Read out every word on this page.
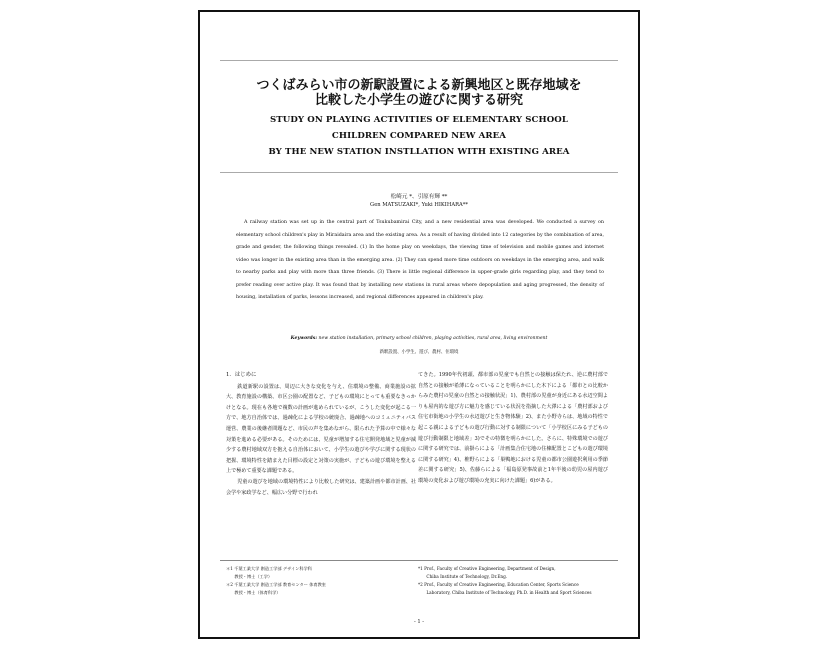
つくばみらい市の新駅設置による新興地区と既存地域を
比較した小学生の遊びに関する研究
STUDY ON PLAYING ACTIVITIES OF ELEMENTARY SCHOOL
CHILDREN COMPARED NEW AREA
BY THE NEW STATION INSTLLATION WITH EXISTING AREA
松崎元 *、引原有輝 **
Gen MATSUZAKI*, Yuki HIKIHARA**
A railway station was set up in the central part of Tsukubamirai City, and a new residential area was developed. We conducted a survey on elementary school children's play in Miraidaira area and the existing area. As a result of having divided into 12 categories by the combination of area, grade and gender, the following things revealed. (1) In the home play on weekdays, the viewing time of television and mobile games and internet video was longer in the existing area than in the emerging area. (2) They can spend more time outdoors on weekdays in the emerging area, and walk to nearby parks and play with more than three friends. (3) There is little regional difference in upper-grade girls regarding play, and they tend to prefer reading over active play. It was found that by installing new stations in rural areas where depopulation and aging progressed, the density of housing, installation of parks, lessons increased, and regional differences appeared in children's play.
Keywords: new station installation, primary school children, playing activities, rural area, living environment
新駅設置、小学生、遊び、農村、住環境
1．はじめに
　鉄道新駅の設置は、周辺に大きな変化を与え、住環境の整備、商業施設の拡大、教育施設の構築、市区公園の配置など、子どもの環境にとっても重要なきっかけとなる。現在も各地で複数の計画が進められているが、こうした変化が起こる一方で、地方自治体では、過疎化による学校の統廃合、過疎地へのコミュニティバス運営、農業の後継者問題など、市民の声を集めながら、限られた予算の中で様々な対策を進める必要がある。そのためには、児童が増加する住宅開発地域と児童が減少する農村地域双方を抱える自治体において、小学生の遊びや学びに関する現状の把握、環境特性を踏まえた目標の設定と対策の実施が、子どもの遊び環境を整える上で極めて重要な課題である。
　児童の遊びを地域の環境特性により比較した研究は、建築計画や都市計画、社会学や家政学など、幅広い分野で行われ
てきた。1990年代初頭、都市部の児童でも自然との接触は保たれ、逆に農村部で自然との接触が希薄になっていることを明らかにした木下による「都市との比較からみた農村の児童の自然との接触状況」1)、農村部の児童が身近にある水辺空間よりも屋内的な遊び方に魅力を感じている状況を指摘した大澤による「農村部および住宅市街地の小学生の水辺遊びと生き物体験」2)、また小野寺らは、地域の特性で起こる親による子どもの遊び行動に対する制限について「小学校区にみる子どもの遊び行動制限と地域差」3)でその特徴を明らかにした。さらに、特殊環境での遊びに関する研究では、前掛らによる「計画集合住宅地の住棟配置とこどもの遊び環境に関する研究」4)、椎野らによる「巣鴨地における児童の都市公園遊択利用の季節差に関する研究」5)、佐藤らによる「福島原発事故前と1年半後の幼児の屋内遊び環境の変化および遊び環境の充実に向けた課題」6)がある。
＊1 千葉工業大学 創造工学部 デザイン科学科
　　教授・博士（工学）
＊2 千葉工業大学 創造工学部 教育センター 体育教室
　　教授・博士（体育科学）
*1 Prof., Faculty of Creative Engineering, Department of Design,
　　Chiba Institute of Technology, Dr.Eng.
*2 Prof., Faculty of Creative Engineering, Education Center, Sports Science
　　Laboratory, Chiba Institute of Technology, Ph.D. in Health and Sport Sciences
- 1 -
